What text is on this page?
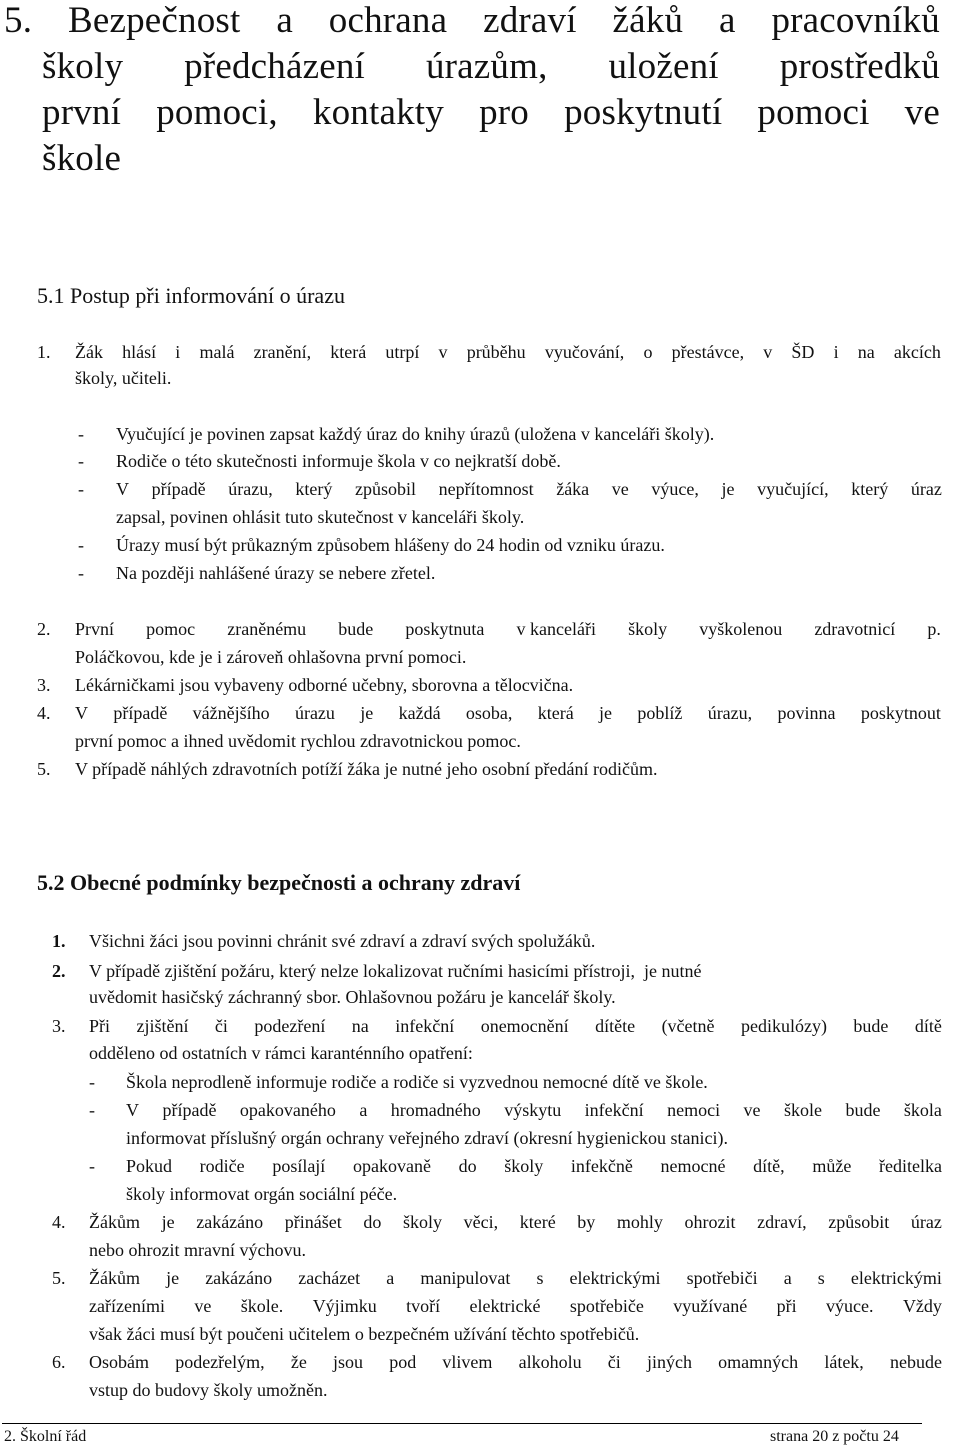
5. Bezpečnost a ochrana zdraví žáků a pracovníků
školy předcházení úrazům, uložení prostředků
první pomoci, kontakty pro poskytnutí pomoci ve
škole
5.1 Postup při informování o úrazu
1. Žák hlásí i malá zranění, která utrpí v průběhu vyučování, o přestávce, v ŠD i na akcích
školy, učiteli.
- Vyučující je povinen zapsat každý úraz do knihy úrazů (uložena v kanceláři školy).
- Rodiče o této skutečnosti informuje škola v co nejkratší době.
- V případě úrazu, který způsobil nepřítomnost žáka ve výuce, je vyučující, který úraz
zapsal, povinen ohlásit tuto skutečnost v kanceláři školy.
- Úrazy musí být průkazným způsobem hlášeny do 24 hodin od vzniku úrazu.
- Na později nahlášené úrazy se nebere zřetel.
2. První pomoc zraněnému bude poskytnuta v kanceláři školy vyškolenou zdravotnicí p.
Poláčkovou, kde je i zároveň ohlašovna první pomoci.
3. Lékárničkami jsou vybaveny odborné učebny, sborovna a tělocvična.
4. V případě vážnějšího úrazu je každá osoba, která je poblíž úrazu, povinna poskytnout
první pomoc a ihned uvědomit rychlou zdravotnickou pomoc.
5. V případě náhlých zdravotních potíží žáka je nutné jeho osobní předání rodičům.
5.2 Obecné podmínky bezpečnosti a ochrany zdraví
1. Všichni žáci jsou povinni chránit své zdraví a zdraví svých spolužáků.
2. V případě zjištění požáru, který nelze lokalizovat ručními hasicími přístroji,  je nutné
uvědomit hasičský záchranný sbor. Ohlašovnou požáru je kancelář školy.
3. Při zjištění či podezření na infekční onemocnění dítěte (včetně pedikulózy) bude dítě
odděleno od ostatních v rámci karanténního opatření:
- Škola neprodleně informuje rodiče a rodiče si vyzvednou nemocné dítě ve škole.
- V případě opakovaného a hromadného výskytu infekční nemoci ve škole bude škola
informovat příslušný orgán ochrany veřejného zdraví (okresní hygienickou stanici).
- Pokud rodiče posílají opakovaně do školy infekčně nemocné dítě, může ředitelka
školy informovat orgán sociální péče.
4. Žákům je zakázáno přinášet do školy věci, které by mohly ohrozit zdraví, způsobit úraz
nebo ohrozit mravní výchovu.
5. Žákům je zakázáno zacházet a manipulovat s elektrickými spotřebiči a s elektrickými
zařízeními ve škole. Výjimku tvoří elektrické spotřebiče využívané při výuce. Vždy
však žáci musí být poučeni učitelem o bezpečném užívání těchto spotřebičů.
6. Osobám podezřelým, že jsou pod vlivem alkoholu či jiných omamných látek, nebude
vstup do budovy školy umožněn.
2. Školní řád	strana 20 z počtu 24
